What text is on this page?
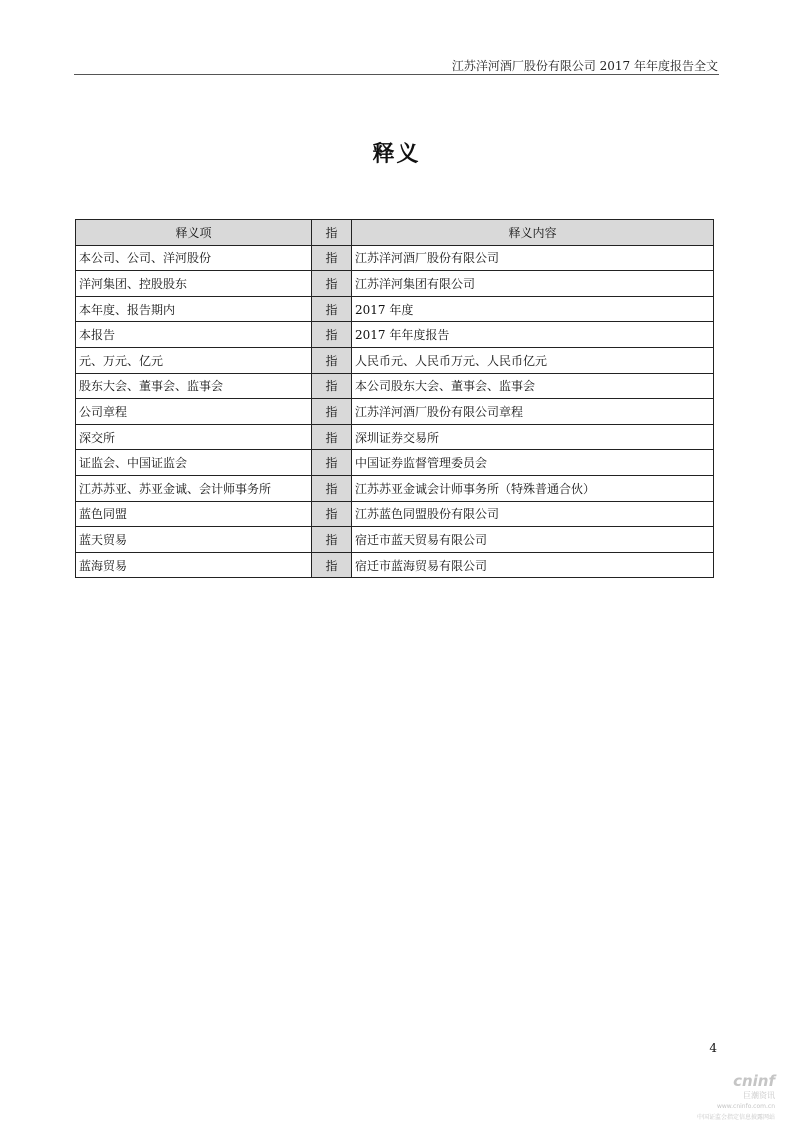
江苏洋河酒厂股份有限公司 2017 年年度报告全文
释义
释义项	指	释义内容
本公司、公司、洋河股份	指	江苏洋河酒厂股份有限公司
洋河集团、控股股东	指	江苏洋河集团有限公司
本年度、报告期内	指	2017 年度
本报告	指	2017 年年度报告
元、万元、亿元	指	人民币元、人民币万元、人民币亿元
股东大会、董事会、监事会	指	本公司股东大会、董事会、监事会
公司章程	指	江苏洋河酒厂股份有限公司章程
深交所	指	深圳证券交易所
证监会、中国证监会	指	中国证券监督管理委员会
江苏苏亚、苏亚金诚、会计师事务所	指	江苏苏亚金诚会计师事务所（特殊普通合伙）
蓝色同盟	指	江苏蓝色同盟股份有限公司
蓝天贸易	指	宿迁市蓝天贸易有限公司
蓝海贸易	指	宿迁市蓝海贸易有限公司
4
cninf
巨潮资讯
www.cninfo.com.cn
中国证监会指定信息披露网站
